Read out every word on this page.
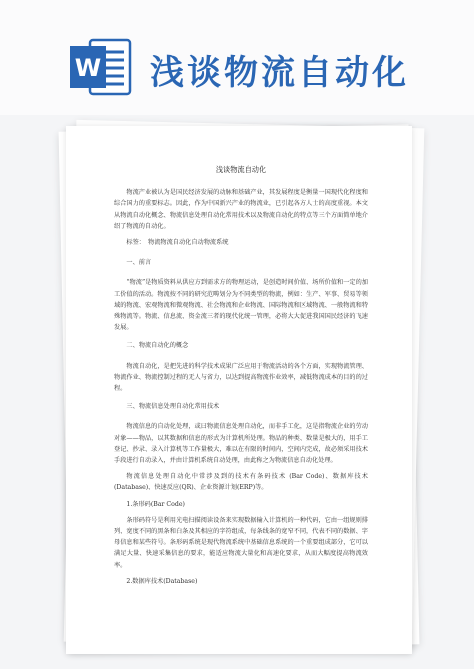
W 浅谈物流自动化

浅谈物流自动化

物流产业被认为是国民经济发展的动脉和基础产业，其发展程度是衡量一国现代化程度和综合国力的重要标志。因此，作为中国新兴产业的物流业，已引起各方人士的高度重视。本文从物流自动化概念、物流信息处理自动化常用技术以及物流自动化的特点等三个方面简单地介绍了物流的自动化。

标签：　物流物流自动化自动物流系统

一、前言

“物流”是物质资料从供应方到需求方的物理运动，是创造时间价值、场所价值和一定的加工价值的活动。物流按不同的研究范畴划分为不同类型的物流，例如：生产、军事、贸易等领域的物流、宏观物流和微观物流、社会物流和企业物流、国际物流和区域物流、一般物流和特殊物流等。物流、信息流、资金流三者的现代化统一管理，必将大大促进我国国民经济的飞速发展。

二、物流自动化的概念

物流自动化，是把先进的科学技术成果广泛应用于物流活动的各个方面，实现物流管理、物流作业、物流控制过程的无人与省力，以达到提高物流作业效率，减低物流成本的目的的过程。

三、物流信息处理自动化常用技术

物流信息的自动化处理，或曰物流信息处理自动化，而非手工化，这是指物流企业的劳动对象——物品，以其数据和信息的形式为计算机所处理。物品的种类、数量是极大的，用手工登记、抄录、录入计算机等工作量极大，难以在有限的时间内，空间内完成，故必须采用技术手段进行自动录入，并由计算机系统自动处理，由此称之为物流信息自动化处理。

物流信息处理自动化中常涉及到的技术有条码技术 (Bar Code)、数据库技术 (Database)、快速反应(QR)、企业资源计划(ERP)等。

1.条形码(Bar Code)

条形码符号是利用光电扫描阅读设备来实现数据输入计算机的一种代码，它由一组规则排列、宽度不同的黑条和白条及其相应的字符组成，每条线条的宽窄不同，代表不同的数据、字母信息和某些符号。条形码系统是现代物流系统中基础信息系统的一个重要组成部分，它可以满足大量、快速采集信息的要求，能适应物流大量化和高速化要求，从而大幅度提高物流效率。

2.数据库技术(Database)
